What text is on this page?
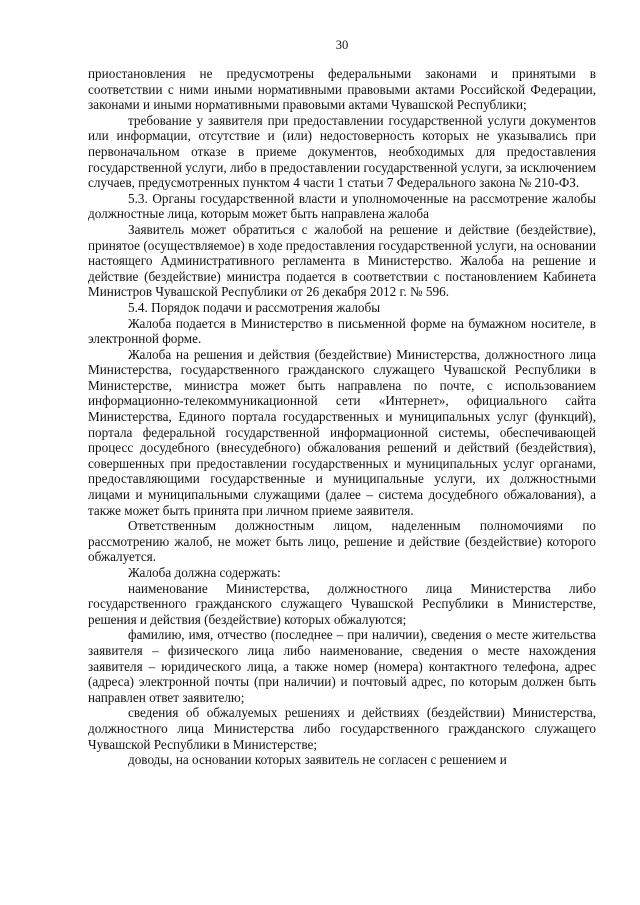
30

приостановления не предусмотрены федеральными законами и принятыми в соответствии с ними иными нормативными правовыми актами Российской Федерации, законами и иными нормативными правовыми актами Чувашской Республики;

требование у заявителя при предоставлении государственной услуги документов или информации, отсутствие и (или) недостоверность которых не указывались при первоначальном отказе в приеме документов, необходимых для предоставления государственной услуги, либо в предоставлении государственной услуги, за исключением случаев, предусмотренных пунктом 4 части 1 статьи 7 Федерального закона № 210-ФЗ.

5.3. Органы государственной власти и уполномоченные на рассмотрение жалобы должностные лица, которым может быть направлена жалоба

Заявитель может обратиться с жалобой на решение и действие (бездействие), принятое (осуществляемое) в ходе предоставления государственной услуги, на основании настоящего Административного регламента в Министерство. Жалоба на решение и действие (бездействие) министра подается в соответствии с постановлением Кабинета Министров Чувашской Республики от 26 декабря 2012 г. № 596.

5.4. Порядок подачи и рассмотрения жалобы

Жалоба подается в Министерство в письменной форме на бумажном носителе, в электронной форме.

Жалоба на решения и действия (бездействие) Министерства, должностного лица Министерства, государственного гражданского служащего Чувашской Республики в Министерстве, министра может быть направлена по почте, с использованием информационно-телекоммуникационной сети «Интернет», официального сайта Министерства, Единого портала государственных и муниципальных услуг (функций), портала федеральной государственной информационной системы, обеспечивающей процесс досудебного (внесудебного) обжалования решений и действий (бездействия), совершенных при предоставлении государственных и муниципальных услуг органами, предоставляющими государственные и муниципальные услуги, их должностными лицами и муниципальными служащими (далее – система досудебного обжалования), а также может быть принята при личном приеме заявителя.

Ответственным должностным лицом, наделенным полномочиями по рассмотрению жалоб, не может быть лицо, решение и действие (бездействие) которого обжалуется.

Жалоба должна содержать:

наименование Министерства, должностного лица Министерства либо государственного гражданского служащего Чувашской Республики в Министерстве, решения и действия (бездействие) которых обжалуются;

фамилию, имя, отчество (последнее – при наличии), сведения о месте жительства заявителя – физического лица либо наименование, сведения о месте нахождения заявителя – юридического лица, а также номер (номера) контактного телефона, адрес (адреса) электронной почты (при наличии) и почтовый адрес, по которым должен быть направлен ответ заявителю;

сведения об обжалуемых решениях и действиях (бездействии) Министерства, должностного лица Министерства либо государственного гражданского служащего Чувашской Республики в Министерстве;

доводы, на основании которых заявитель не согласен с решением и
